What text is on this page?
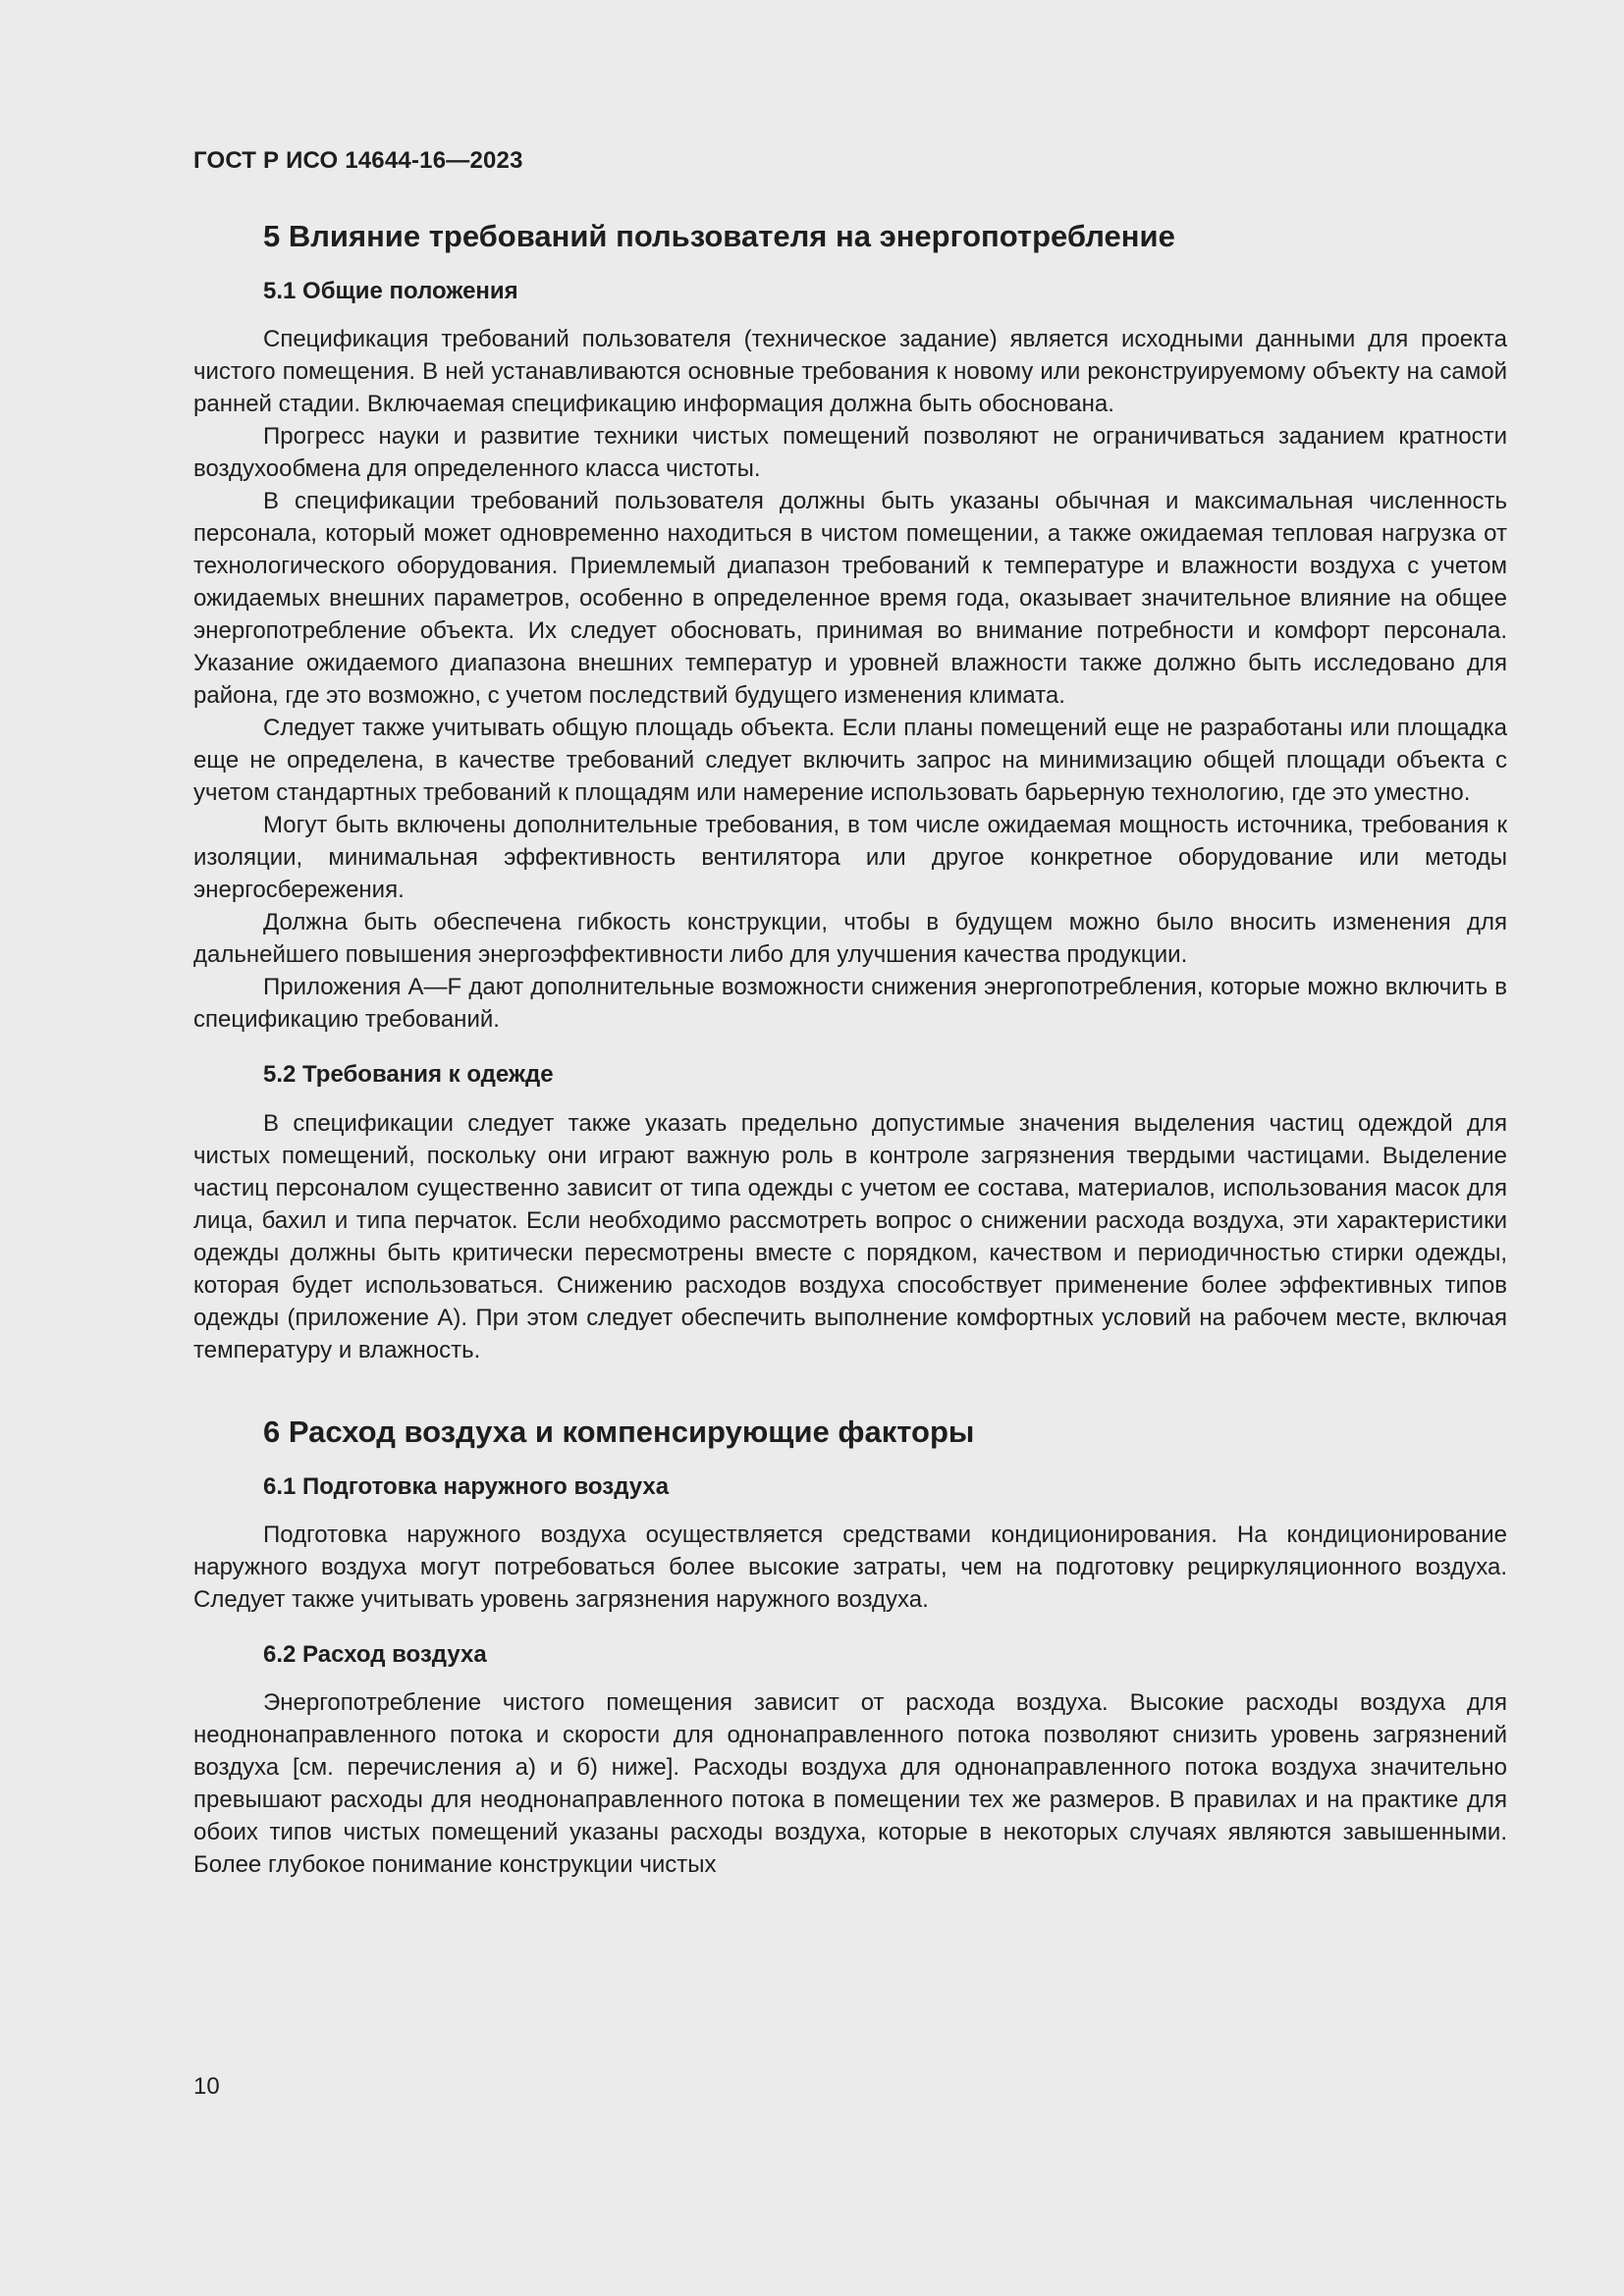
ГОСТ Р ИСО 14644-16—2023
5 Влияние требований пользователя на энергопотребление
5.1 Общие положения

Спецификация требований пользователя (техническое задание) является исходными данными для проекта чистого помещения. В ней устанавливаются основные требования к новому или реконструируемому объекту на самой ранней стадии. Включаемая спецификацию информация должна быть обоснована.

Прогресс науки и развитие техники чистых помещений позволяют не ограничиваться заданием кратности воздухообмена для определенного класса чистоты.

В спецификации требований пользователя должны быть указаны обычная и максимальная численность персонала, который может одновременно находиться в чистом помещении, а также ожидаемая тепловая нагрузка от технологического оборудования. Приемлемый диапазон требований к температуре и влажности воздуха с учетом ожидаемых внешних параметров, особенно в определенное время года, оказывает значительное влияние на общее энергопотребление объекта. Их следует обосновать, принимая во внимание потребности и комфорт персонала. Указание ожидаемого диапазона внешних температур и уровней влажности также должно быть исследовано для района, где это возможно, с учетом последствий будущего изменения климата.

Следует также учитывать общую площадь объекта. Если планы помещений еще не разработаны или площадка еще не определена, в качестве требований следует включить запрос на минимизацию общей площади объекта с учетом стандартных требований к площадям или намерение использовать барьерную технологию, где это уместно.

Могут быть включены дополнительные требования, в том числе ожидаемая мощность источника, требования к изоляции, минимальная эффективность вентилятора или другое конкретное оборудование или методы энергосбережения.

Должна быть обеспечена гибкость конструкции, чтобы в будущем можно было вносить изменения для дальнейшего повышения энергоэффективности либо для улучшения качества продукции.

Приложения А—F дают дополнительные возможности снижения энергопотребления, которые можно включить в спецификацию требований.

5.2 Требования к одежде

В спецификации следует также указать предельно допустимые значения выделения частиц одеждой для чистых помещений, поскольку они играют важную роль в контроле загрязнения твердыми частицами. Выделение частиц персоналом существенно зависит от типа одежды с учетом ее состава, материалов, использования масок для лица, бахил и типа перчаток. Если необходимо рассмотреть вопрос о снижении расхода воздуха, эти характеристики одежды должны быть критически пересмотрены вместе с порядком, качеством и периодичностью стирки одежды, которая будет использоваться. Снижению расходов воздуха способствует применение более эффективных типов одежды (приложение А). При этом следует обеспечить выполнение комфортных условий на рабочем месте, включая температуру и влажность.

6 Расход воздуха и компенсирующие факторы
6.1 Подготовка наружного воздуха

Подготовка наружного воздуха осуществляется средствами кондиционирования. На кондиционирование наружного воздуха могут потребоваться более высокие затраты, чем на подготовку рециркуляционного воздуха. Следует также учитывать уровень загрязнения наружного воздуха.

6.2 Расход воздуха

Энергопотребление чистого помещения зависит от расхода воздуха. Высокие расходы воздуха для неоднонаправленного потока и скорости для однонаправленного потока позволяют снизить уровень загрязнений воздуха [см. перечисления а) и б) ниже]. Расходы воздуха для однонаправленного потока воздуха значительно превышают расходы для неоднонаправленного потока в помещении тех же размеров. В правилах и на практике для обоих типов чистых помещений указаны расходы воздуха, которые в некоторых случаях являются завышенными. Более глубокое понимание конструкции чистых

10
